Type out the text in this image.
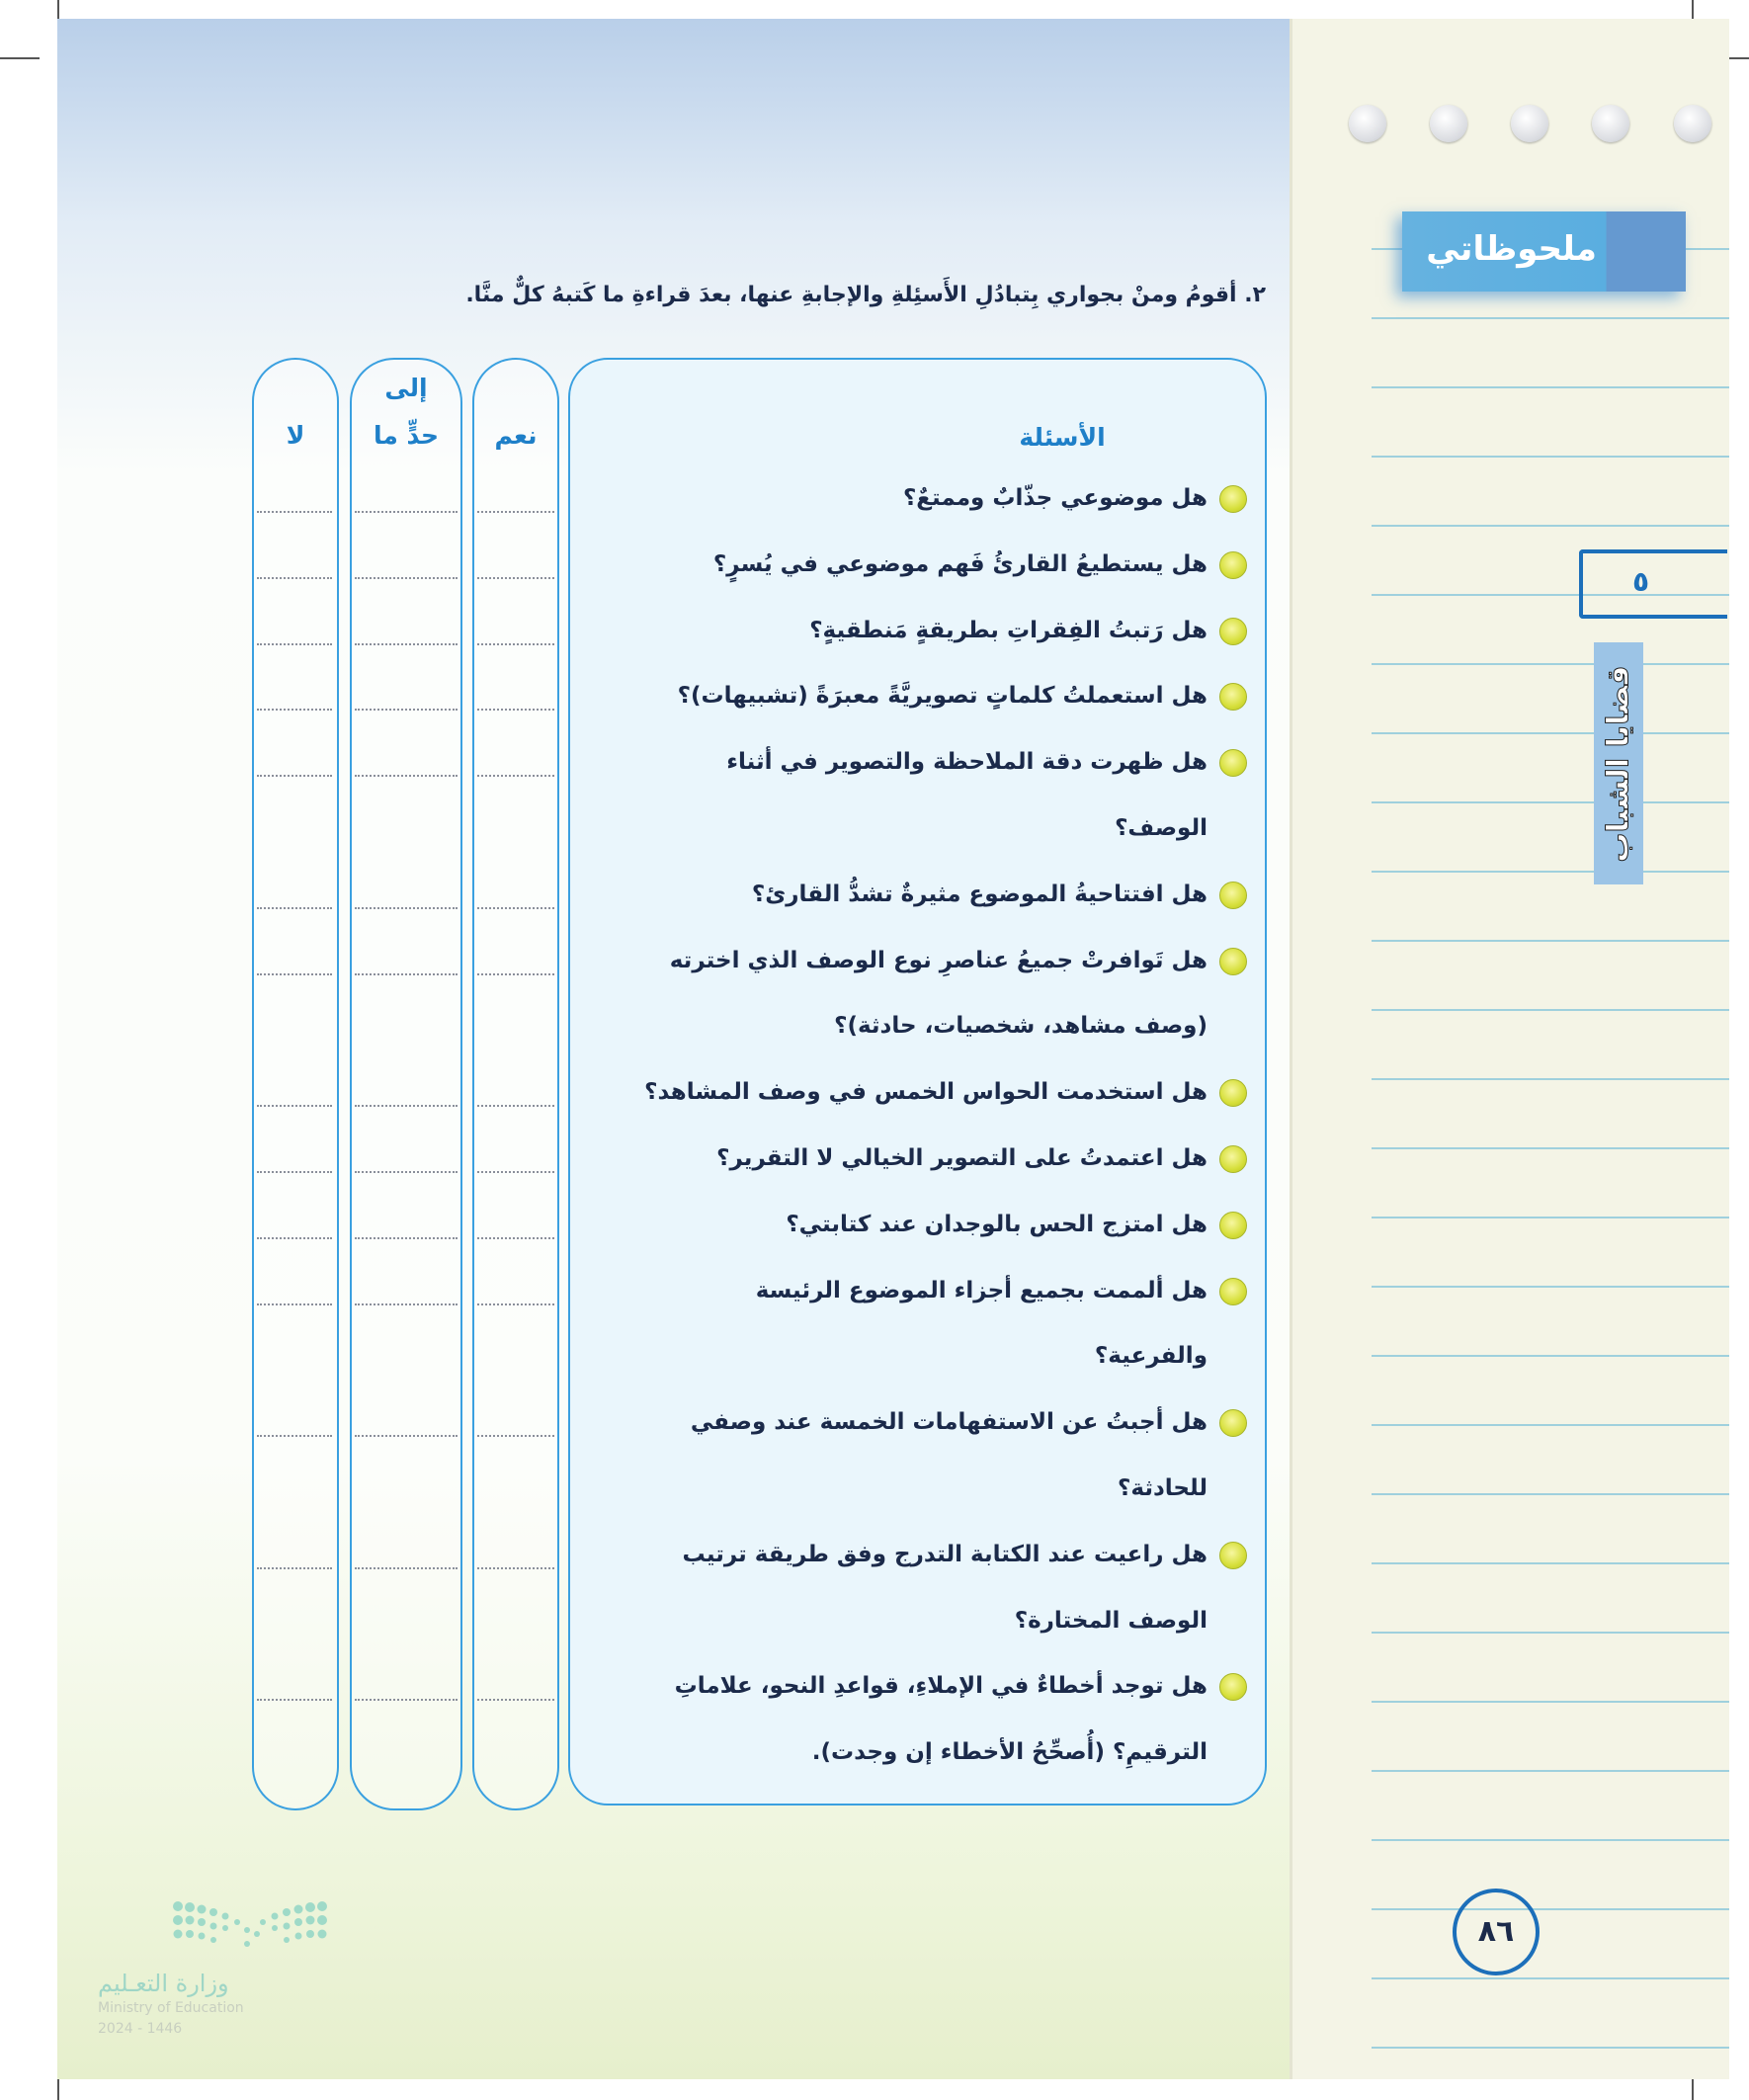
٢. أقومُ ومنْ بجواري بِتبادُلِ الأَسئِلةِ والإجابةِ عنها، بعدَ قراءةِ ما كَتبهُ كلٌّ منَّا.
لا
إلى
حدٍّ ما	نعم	الأسئلة
هل موضوعي جذّابٌ وممتعٌ؟
هل يستطيعُ القارئُ فَهم موضوعي في يُسرٍ؟
هل رَتبتُ الفِقراتِ بطريقةٍ مَنطقيةٍ؟
هل استعملتُ كلماتٍ تصويريَّةً معبرَةً (تشبيهات)؟
هل ظهرت دقة الملاحظة والتصوير في أثناء
الوصف؟
هل افتتاحيةُ الموضوع مثيرةٌ تشدُّ القارئ؟
هل تَوافرتْ جميعُ عناصرِ نوع الوصف الذي اخترته
(وصف مشاهد، شخصيات، حادثة)؟
هل استخدمت الحواس الخمس في وصف المشاهد؟
هل اعتمدتُ على التصوير الخيالي لا التقرير؟
هل امتزج الحس بالوجدان عند كتابتي؟
هل ألممت بجميع أجزاء الموضوع الرئيسة
والفرعية؟
هل أجبتُ عن الاستفهامات الخمسة عند وصفي
للحادثة؟
هل راعيت عند الكتابة التدرج وفق طريقة ترتيب
الوصف المختارة؟
هل توجد أخطاءٌ في الإملاءِ، قواعدِ النحو، علاماتِ
الترقيمِ؟ (أُصحِّحُ الأخطاء إن وجدت).
وزارة التعـليم
Ministry of Education
2024 - 1446
ملحوظاتي
٥
قضايا الشباب
٨٦
